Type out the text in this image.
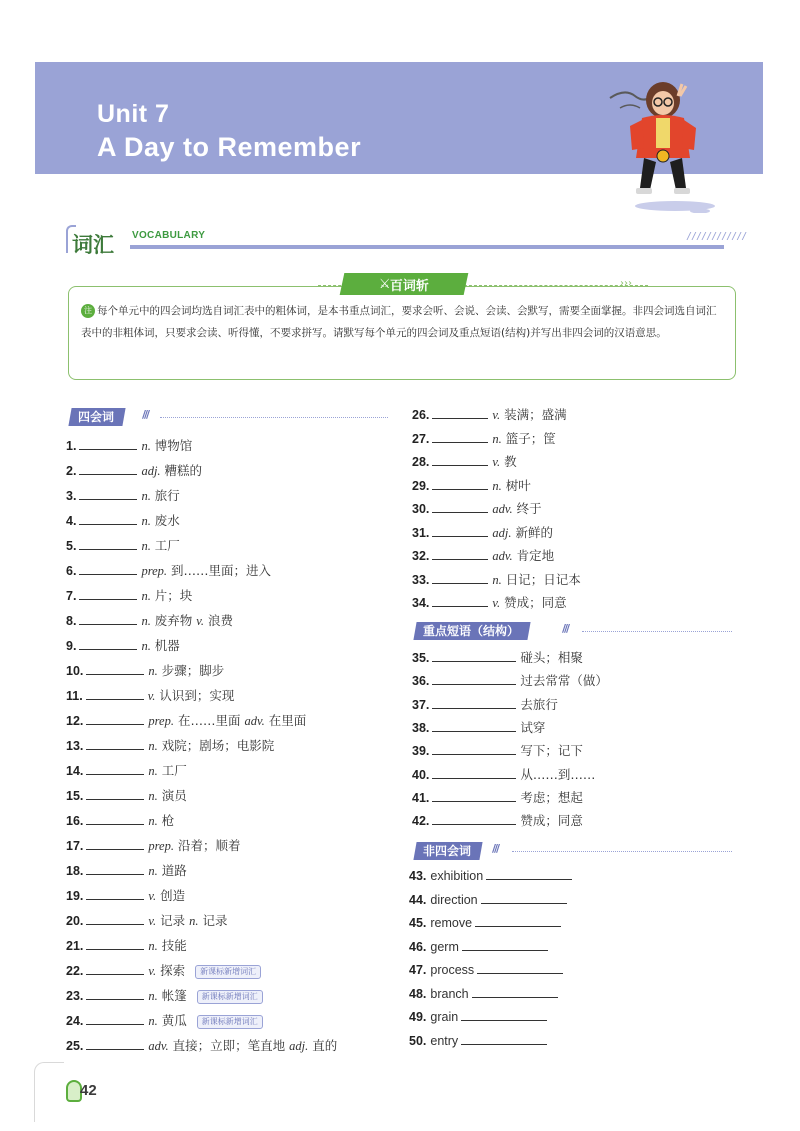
Unit 7
A Day to Remember
词汇 VOCABULARY	////////////
注 每个单元中的四会词均选自词汇表中的粗体词，是本书重点词汇，要求会听、会说、会读、会默写，需要全面掌握。非四会词选自词汇表中的非粗体词，只要求会读、听得懂，不要求拼写。请默写每个单元的四会词及重点短语(结构)并写出非四会词的汉语意思。
⚔ 百词斩	›››
四会词	///
1.	n. 博物馆
2.	adj. 糟糕的
3.	n. 旅行
4.	n. 废水
5.	n. 工厂
6.	prep. 到……里面；进入
7.	n. 片；块
8.	n. 废弃物 v. 浪费
9.	n. 机器
10.	n. 步骤；脚步
11.	v. 认识到；实现
12.	prep. 在……里面 adv. 在里面
13.	n. 戏院；剧场；电影院
14.	n. 工厂
15.	n. 演员
16.	n. 枪
17.	prep. 沿着；顺着
18.	n. 道路
19.	v. 创造
20.	v. 记录 n. 记录
21.	n. 技能
22.	v. 探索 新课标新增词汇
23.	n. 帐篷 新课标新增词汇
24.	n. 黄瓜 新课标新增词汇
25.	adv. 直接；立即；笔直地 adj. 直的
26.	v. 装满；盛满
27.	n. 篮子；筐
28.	v. 教
29.	n. 树叶
30.	adv. 终于
31.	adj. 新鲜的
32.	adv. 肯定地
33.	n. 日记；日记本
34.	v. 赞成；同意
重点短语（结构）	///
35.	碰头；相聚
36.	过去常常（做）
37.	去旅行
38.	试穿
39.	写下；记下
40.	从……到……
41.	考虑；想起
42.	赞成；同意
非四会词	///
43. exhibition
44. direction
45. remove
46. germ
47. process
48. branch
49. grain
50. entry
42
